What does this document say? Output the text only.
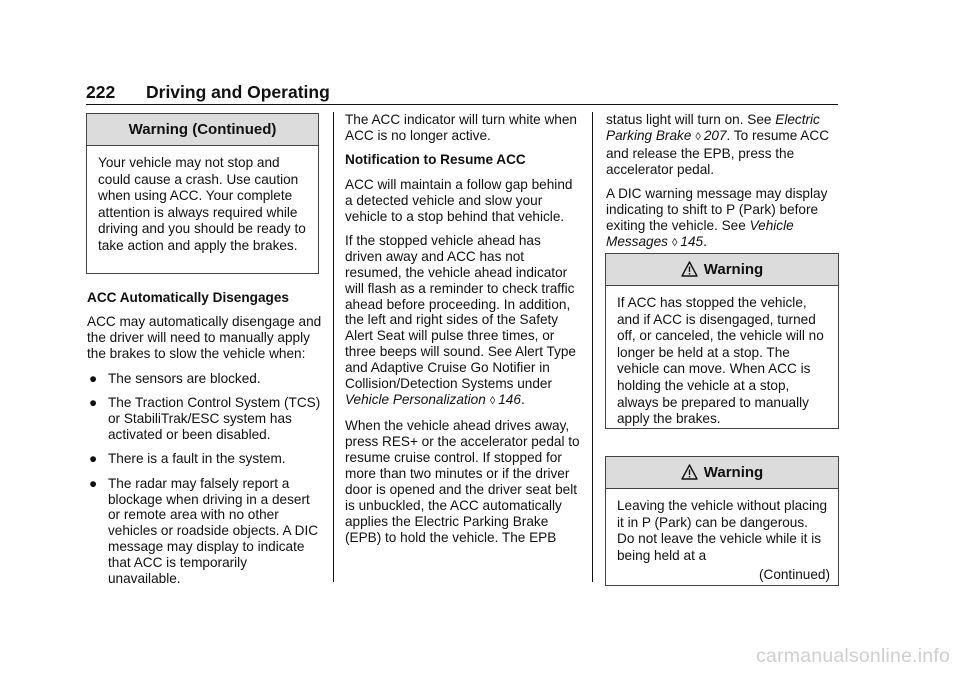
222 Driving and Operating
Warning (Continued)
Your vehicle may not stop and could cause a crash. Use caution when using ACC. Your complete attention is always required while driving and you should be ready to take action and apply the brakes.

ACC Automatically Disengages

ACC may automatically disengage and the driver will need to manually apply the brakes to slow the vehicle when:

● The sensors are blocked.

● The Traction Control System (TCS) or StabiliTrak/ESC system has activated or been disabled.

● There is a fault in the system.

● The radar may falsely report a blockage when driving in a desert or remote area with no other vehicles or roadside objects. A DIC message may display to indicate that ACC is temporarily unavailable.

The ACC indicator will turn white when ACC is no longer active.

Notification to Resume ACC

ACC will maintain a follow gap behind a detected vehicle and slow your vehicle to a stop behind that vehicle.

If the stopped vehicle ahead has driven away and ACC has not resumed, the vehicle ahead indicator will flash as a reminder to check traffic ahead before proceeding. In addition, the left and right sides of the Safety Alert Seat will pulse three times, or three beeps will sound. See Alert Type and Adaptive Cruise Go Notifier in Collision/Detection Systems under Vehicle Personalization ◊ 146.

When the vehicle ahead drives away, press RES+ or the accelerator pedal to resume cruise control. If stopped for more than two minutes or if the driver door is opened and the driver seat belt is unbuckled, the ACC automatically applies the Electric Parking Brake (EPB) to hold the vehicle. The EPB

status light will turn on. See Electric Parking Brake ◊ 207. To resume ACC and release the EPB, press the accelerator pedal.

A DIC warning message may display indicating to shift to P (Park) before exiting the vehicle. See Vehicle Messages ◊ 145.

Warning
If ACC has stopped the vehicle, and if ACC is disengaged, turned off, or canceled, the vehicle will no longer be held at a stop. The vehicle can move. When ACC is holding the vehicle at a stop, always be prepared to manually apply the brakes.
Warning
Leaving the vehicle without placing it in P (Park) can be dangerous. Do not leave the vehicle while it is being held at a
(Continued)
carmanualsonline.info
